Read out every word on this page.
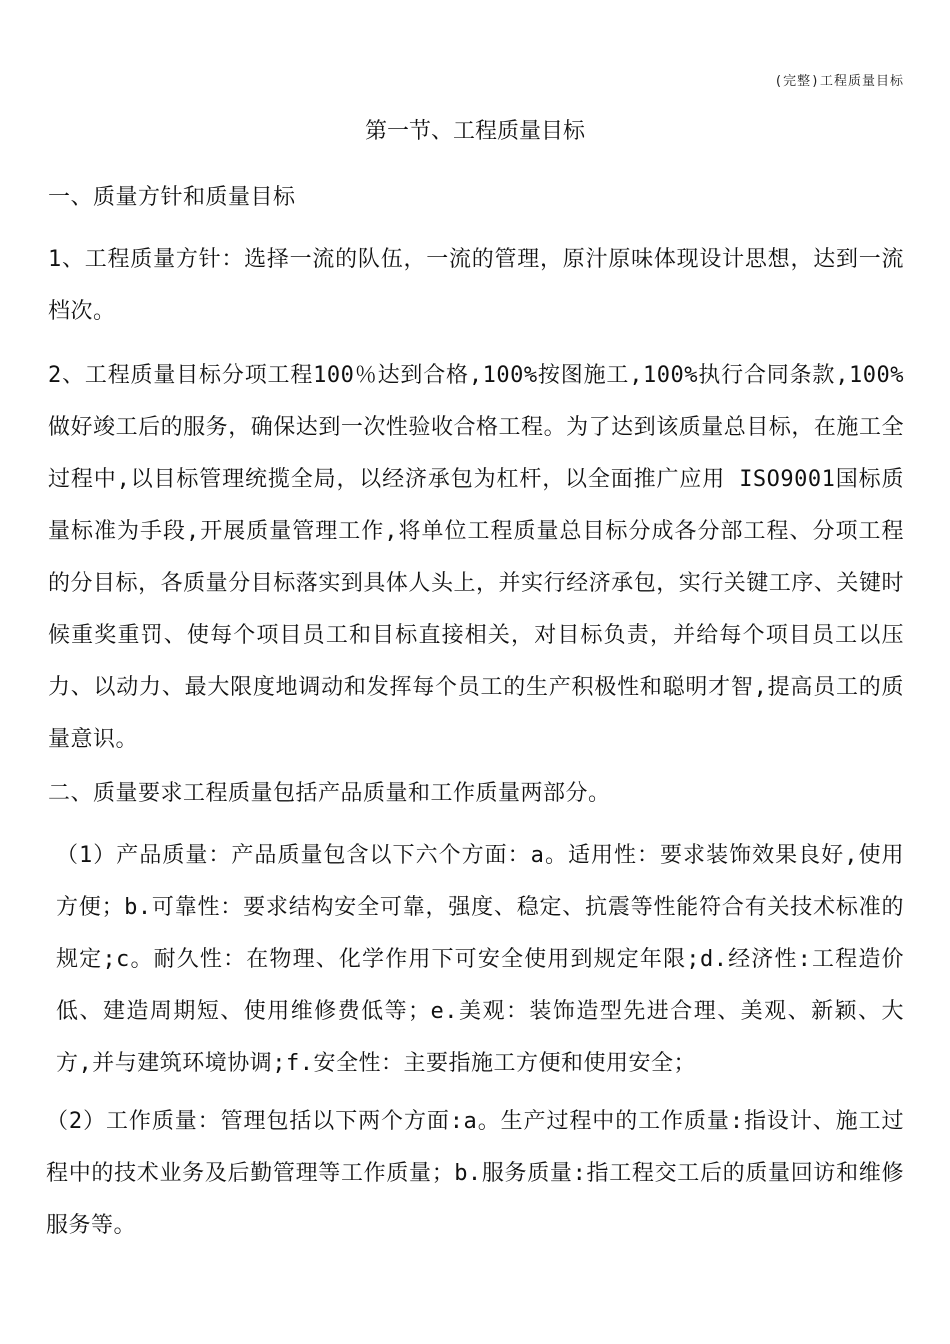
(完整)工程质量目标
第一节、工程质量目标
一、质量方针和质量目标
1、工程质量方针：选择一流的队伍，一流的管理，原汁原味体现设计思想，达到一流档次。
2、工程质量目标分项工程100％达到合格,100%按图施工,100%执行合同条款,100%做好竣工后的服务，确保达到一次性验收合格工程。为了达到该质量总目标，在施工全过程中,以目标管理统揽全局，以经济承包为杠杆，以全面推广应用 ISO9001国标质量标准为手段,开展质量管理工作,将单位工程质量总目标分成各分部工程、分项工程的分目标，各质量分目标落实到具体人头上，并实行经济承包，实行关键工序、关键时候重奖重罚、使每个项目员工和目标直接相关，对目标负责，并给每个项目员工以压力、以动力、最大限度地调动和发挥每个员工的生产积极性和聪明才智,提高员工的质量意识。
二、质量要求工程质量包括产品质量和工作质量两部分。
（1）产品质量：产品质量包含以下六个方面：a。适用性：要求装饰效果良好,使用方便；b.可靠性：要求结构安全可靠，强度、稳定、抗震等性能符合有关技术标准的规定;c。耐久性：在物理、化学作用下可安全使用到规定年限;d.经济性:工程造价低、建造周期短、使用维修费低等；e.美观：装饰造型先进合理、美观、新颖、大方,并与建筑环境协调;f.安全性：主要指施工方便和使用安全；
（2）工作质量：管理包括以下两个方面:a。生产过程中的工作质量:指设计、施工过程中的技术业务及后勤管理等工作质量；b.服务质量:指工程交工后的质量回访和维修服务等。
